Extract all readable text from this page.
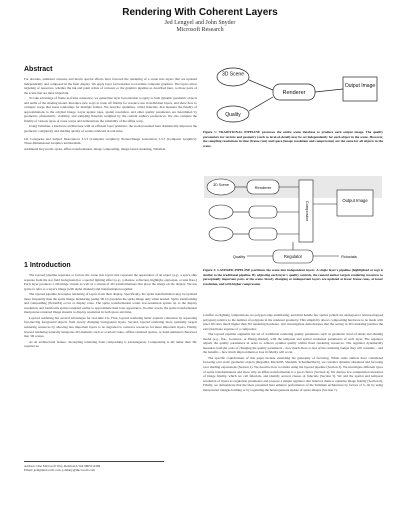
Rendering With Coherent Layers
Jed Lengyel and John Snyder
Microsoft Research
Abstract

For decades, animated cartoons and movie special effects have factored the rendering of a scene into layers that are updated independently and composed in the final display. We apply layer factorization to real-time computer graphics. The layers allow targeting of resources, whether the ink and paint artists of cartoons or the graphics pipeline as described here, to those parts of the scene that are most important.

To take advantage of frame-to-frame coherence, we generalize layer factorization to apply to both dynamic geometric objects and terms of the shading model, introduce new ways to trade off fidelity for resource use in individual layers, and show how to compute warps that reuse renderings for multiple frames. We describe quantities, called fiducials, that measure the fidelity of approximations to the original image. Layer update rates, spatial resolution, and other quality parameters are determined by geometric, photometric, visibility, and sampling fiducials weighted by the content author's preferences. We also compute the fidelity of various types of reuse warps and demonstrate the suitability of the affine warp.

Using Talisman, a hardware architecture with an efficient layer primitive, the work presented here dramatically improves the geometric complexity and shading quality of scenes rendered in real-time.

CR Categories and Subject Descriptors: I.3.3 [Computer Graphics]: Picture/Image Generation; I.3.7 [Computer Graphics]: Three-Dimensional Graphics and Realism.

Additional Keywords: sprite, affine transformation, image compositing, image-based rendering, Talisman

1 Introduction

The layered pipeline separates or factors the scene into layers that represent the appearance of an object (e.g., a space ship separate from the star field background) or a special lighting effect (e.g., a shadow, reflection, highlight, explosion, or lens flare.) Each layer produces a 2D-image stream as well as a stream of 2D transformations that place the image on the display. We use sprite to refer to a layer's image (with alpha channel) and transformation together.

The layered pipeline decouples rendering of layers from their display. Specifically, the sprite transformation may be updated more frequently than the sprite image. Rendering (using 3D CG) updates the sprite image only when needed. Sprite transforming and compositing [Porter84] occur at display rates. The sprite transformation scales low-resolution sprites up to the display resolution, and transforms sprites rendered earlier to approximate their later appearance. In other words, the sprite transformation interpolates rendered image streams to display resolution in both space and time.

Layered rendering has several advantages for real-time CG. First, layered rendering better exploits coherence by separating fast-moving foreground objects from slowly changing background layers. Second, layered rendering more optimally targets rendering resources by allowing less important layers to be degraded to conserve resources for more important layers. Finally, layered rendering naturally integrates 2D elements such as overlaid video, offline rendered sprites, or hand-animated characters into 3D scenes.

As an architectural feature, decoupling rendering from compositing is advantageous. Compositing is 2D rather than 3D, requires no

Address: One Microsoft Way, Redmond, WA 98052-6399
Email: jedl@microsoft.com, johnsny@microsoft.com
3D Scene
Renderer
Output Image
Quality

Figure 1: TRADITIONAL PIPELINE processes the entire scene database to produce each output image. The quality parameters for texture and geometry (such as level-of-detail) may be set independently for each object in the scene. However, the sampling resolutions in time (frame rate) and space (image resolution and compression) are the same for all objects in the scene.

3D Scene	Renderer
Compositor
Output Image
Regulator
Quality	Fiducials

Figure 2: LAYERED PIPELINE partitions the scene into independent layers. A single layer's pipeline (highlighted at top) is similar to the traditional pipeline. By adjusting each layer's quality controls, the content author targets rendering resources to perceptually important parts of the scene. Slowly changing or unimportant layers are updated at lower frame rates, at lower resolution, and with higher compression.

z-buffer, no lighting computations, no polygon edge antialiasing, and must handle few sprites (which are analogous to texture-mapped polygons) relative to the number of polygons in the rendered geometry. This simplicity allows compositing hardware to be made with pixel fill rates much higher than 3D rendering hardware. Our investigation demonstrates that the saving in 3D rendering justifies the extra hardware expense of a compositor.

The layered pipeline augments the set of traditional rendering quality parameters such as geometric level-of-detail and shading model (e.g., flat-, Gouraud-, or Phong-shaded), with the temporal and spatial resolution parameters of each layer. The regulator adjusts the quality parameters in order to achieve optimal quality within fixed rendering resources. The regulator dynamically measures both the costs of changing the quality parameters – how much more or less of the rendering budget they will consume – and the benefits – how much improvement or loss in fidelity will occur.

The specific contributions of this paper include extending the generality of factoring. While some authors have considered factoring over static geometric objects [Regan94, Maciel95, Shade96, Schaufler96a/b], we consider dynamic situations and factoring over shading expressions (Section 2). We describe how to render using the layered pipeline (Section 3). We investigate different types of sprite transformations and show why an affine transformation is a good choice (Section 4). We discuss low-computation measures of image fidelity, which we call fiducials, and identify several classes of fiducials (Section 5). We add the spatial and temporal resolution of layers as regulation parameters and propose a simple regulator that balances them to optimize image fidelity (Section 6). Finally, we demonstrate that the ideas presented here enhance performance of the Talisman architecture by factors of 3–10, by using interpolated triangle-forming or by regulating the heterogeneous update of sprite images (Section 7).
